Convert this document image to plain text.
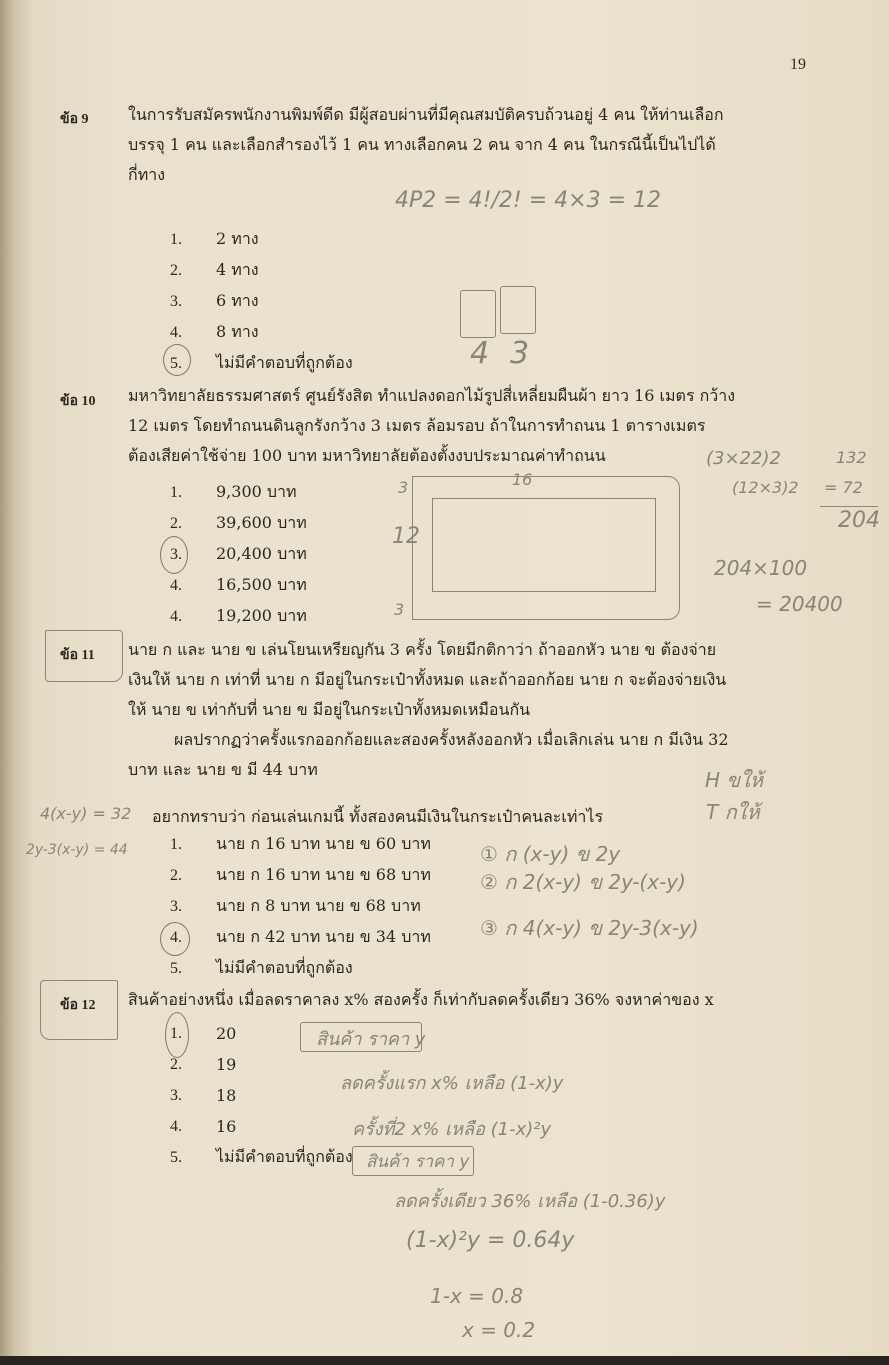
19
ข้อ 9 ในการรับสมัครพนักงานพิมพ์ดีด มีผู้สอบผ่านที่มีคุณสมบัติครบถ้วนอยู่ 4 คน ให้ท่านเลือก

บรรจุ 1 คน และเลือกสำรองไว้ 1 คน ทางเลือกคน 2 คน จาก 4 คน ในกรณีนี้เป็นไปได้

กี่ทาง

1.	2 ทาง
2.	4 ทาง
3.	6 ทาง
4.	8 ทาง
5.	ไม่มีคำตอบที่ถูกต้อง
4P2 = 4!/2! = 4×3 = 12
4 3
ข้อ 10 มหาวิทยาลัยธรรมศาสตร์ ศูนย์รังสิต ทำแปลงดอกไม้รูปสี่เหลี่ยมผืนผ้า ยาว 16 เมตร กว้าง

12 เมตร โดยทำถนนดินลูกรังกว้าง 3 เมตร ล้อมรอบ ถ้าในการทำถนน 1 ตารางเมตร

ต้องเสียค่าใช้จ่าย 100 บาท มหาวิทยาลัยต้องตั้งงบประมาณค่าทำถนน

1.	9,300 บาท
2.	39,600 บาท
3.	20,400 บาท
4.	16,500 บาท
4.	19,200 บาท
16
3
12
3
(3×22)2	132
(12×3)2 = 72
204
204×100
= 20400
ข้อ 11 นาย ก และ นาย ข เล่นโยนเหรียญกัน 3 ครั้ง โดยมีกติกาว่า ถ้าออกหัว นาย ข ต้องจ่าย

เงินให้ นาย ก เท่าที่ นาย ก มีอยู่ในกระเป๋าทั้งหมด และถ้าออกก้อย นาย ก จะต้องจ่ายเงิน

ให้ นาย ข เท่ากับที่ นาย ข มีอยู่ในกระเป๋าทั้งหมดเหมือนกัน

ผลปรากฏว่าครั้งแรกออกก้อยและสองครั้งหลังออกหัว เมื่อเลิกเล่น นาย ก มีเงิน 32

บาท และ นาย ข มี 44 บาท

อยากทราบว่า ก่อนเล่นเกมนี้ ทั้งสองคนมีเงินในกระเป๋าคนละเท่าไร
1.	นาย ก 16 บาท นาย ข 60 บาท
2.	นาย ก 16 บาท นาย ข 68 บาท
3.	นาย ก 8 บาท นาย ข 68 บาท
4.	นาย ก 42 บาท นาย ข 34 บาท
5.	ไม่มีคำตอบที่ถูกต้อง
H ขให้
T กให้
4(x-y) = 32
2y-3(x-y) = 44	① ก (x-y) ข 2y
② ก 2(x-y) ข 2y-(x-y)
③ ก 4(x-y) ข 2y-3(x-y)
ข้อ 12 สินค้าอย่างหนึ่ง เมื่อลดราคาลง x% สองครั้ง ก็เท่ากับลดครั้งเดียว 36% จงหาค่าของ x

1.	20
2.	19
3.	18
4.	16
5.	ไม่มีคำตอบที่ถูกต้อง
สินค้า ราคา y
ลดครั้งแรก x% เหลือ (1-x)y
ครั้งที่2 x% เหลือ (1-x)²y
สินค้า ราคา y
ลดครั้งเดียว 36% เหลือ (1-0.36)y
(1-x)²y = 0.64y
1-x = 0.8
x = 0.2
